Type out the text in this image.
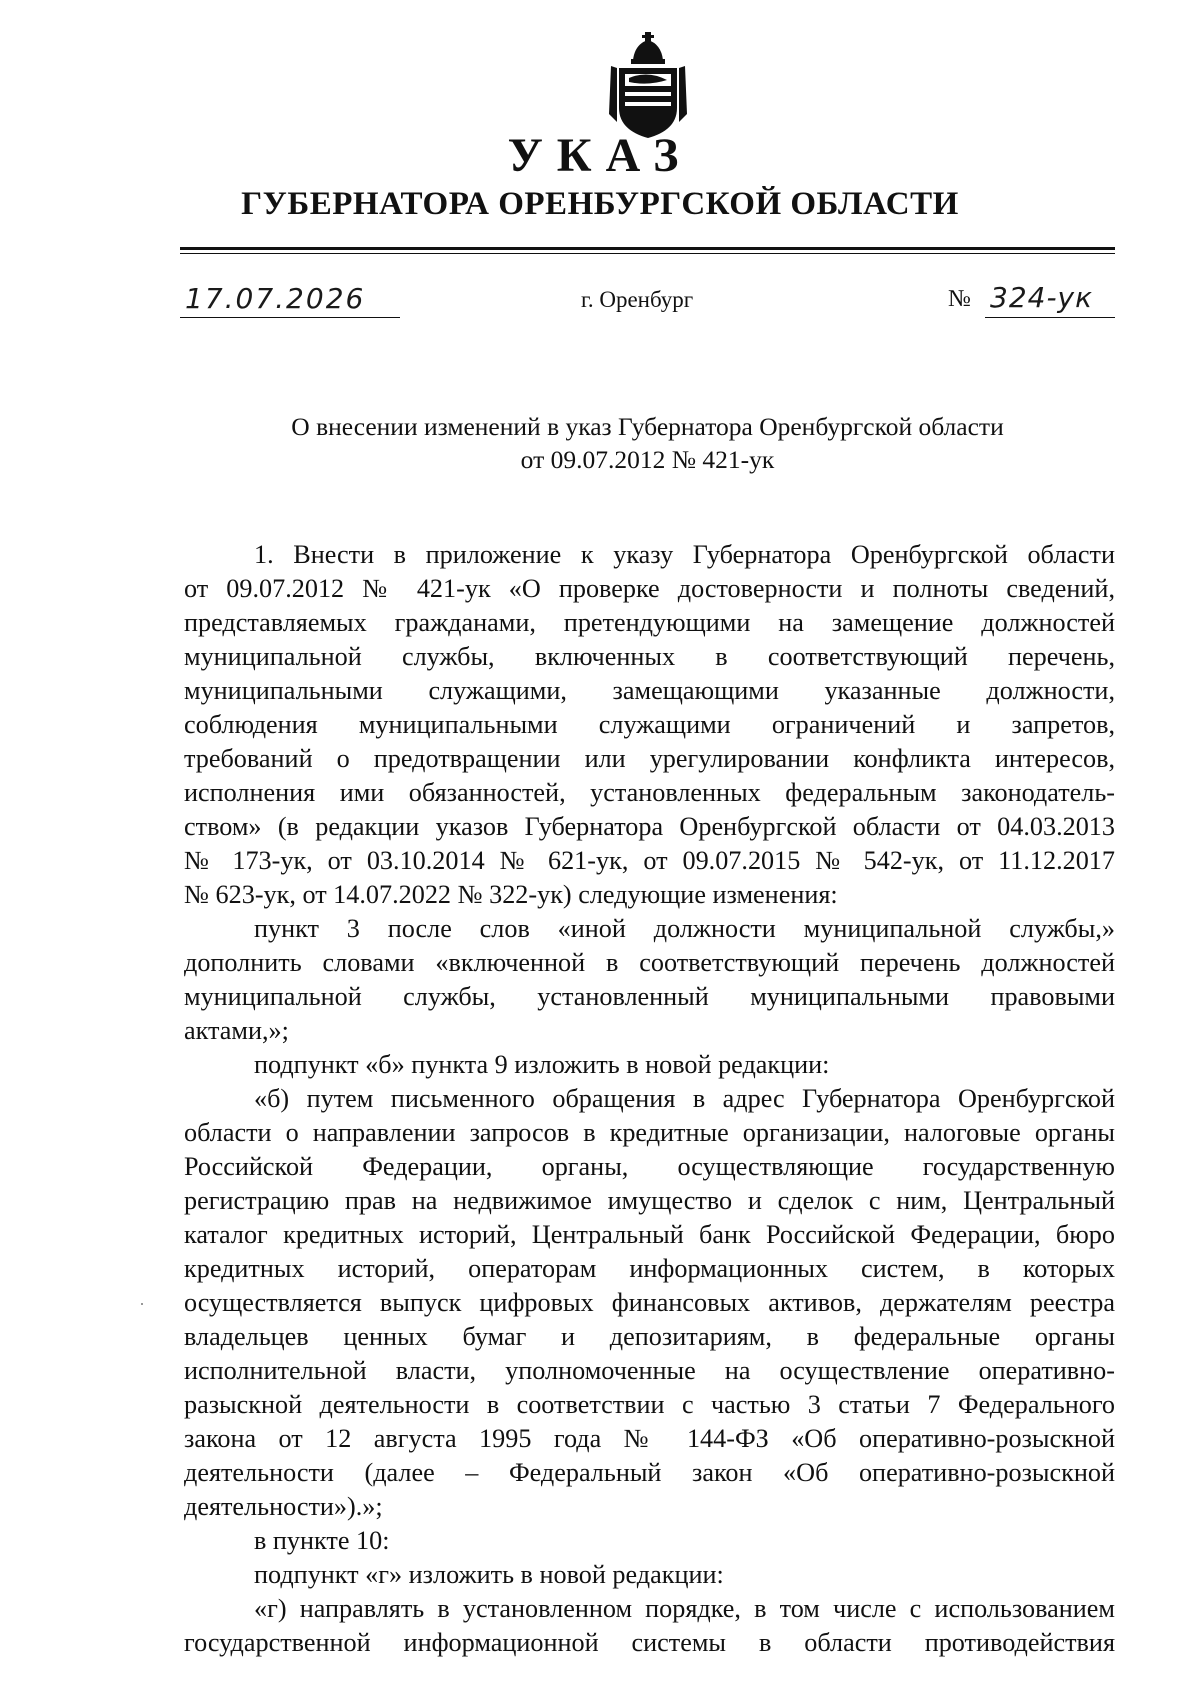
УКАЗ
ГУБЕРНАТОРА ОРЕНБУРГСКОЙ ОБЛАСТИ
17.07.2026	г. Оренбург	№ 324-ук

О внесении изменений в указ Губернатора Оренбургской области
от 09.07.2012 № 421-ук

1. Внести в приложение к указу Губернатора Оренбургской области
от 09.07.2012 № 421-ук «О проверке достоверности и полноты сведений,
представляемых гражданами, претендующими на замещение должностей
муниципальной службы, включенных в соответствующий перечень,
муниципальными служащими, замещающими указанные должности,
соблюдения муниципальными служащими ограничений и запретов,
требований о предотвращении или урегулировании конфликта интересов,
исполнения ими обязанностей, установленных федеральным законодатель-
ством» (в редакции указов Губернатора Оренбургской области от 04.03.2013
№ 173-ук, от 03.10.2014 № 621-ук, от 09.07.2015 № 542-ук, от 11.12.2017
№ 623-ук, от 14.07.2022 № 322-ук) следующие изменения:
пункт 3 после слов «иной должности муниципальной службы,»
дополнить словами «включенной в соответствующий перечень должностей
муниципальной службы, установленный муниципальными правовыми
актами,»;
подпункт «б» пункта 9 изложить в новой редакции:
«б) путем письменного обращения в адрес Губернатора Оренбургской
области о направлении запросов в кредитные организации, налоговые органы
Российской Федерации, органы, осуществляющие государственную
регистрацию прав на недвижимое имущество и сделок с ним, Центральный
каталог кредитных историй, Центральный банк Российской Федерации, бюро
кредитных историй, операторам информационных систем, в которых
осуществляется выпуск цифровых финансовых активов, держателям реестра
владельцев ценных бумаг и депозитариям, в федеральные органы
исполнительной власти, уполномоченные на осуществление оперативно-
разыскной деятельности в соответствии с частью 3 статьи 7 Федерального
закона от 12 августа 1995 года № 144-ФЗ «Об оперативно-розыскной
деятельности (далее – Федеральный закон «Об оперативно-розыскной
деятельности»).»;
в пункте 10:
подпункт «г» изложить в новой редакции:
«г) направлять в установленном порядке, в том числе с использованием
государственной информационной системы в области противодействия
